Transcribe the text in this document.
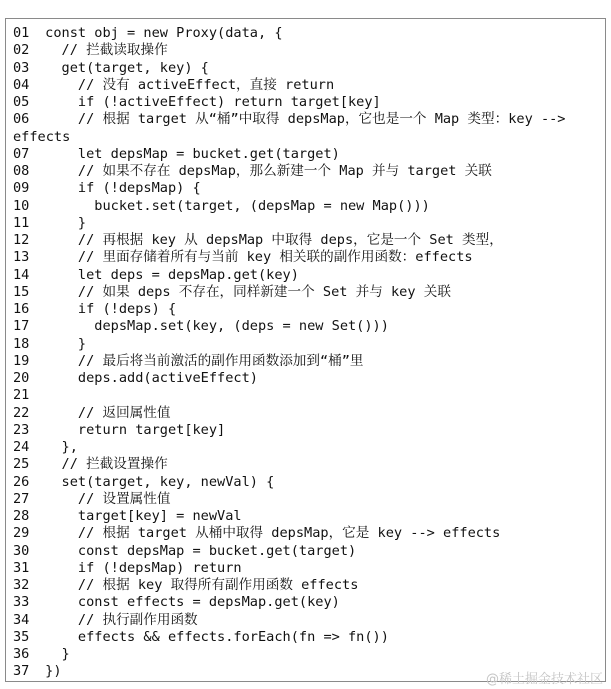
01 const obj = new Proxy(data, {
02   // 拦截读取操作
03   get(target, key) {
04     // 没有 activeEffect，直接 return
05     if (!activeEffect) return target[key]
06     // 根据 target 从“桶”中取得 depsMap，它也是一个 Map 类型：key -->
effects
07     let depsMap = bucket.get(target)
08     // 如果不存在 depsMap，那么新建一个 Map 并与 target 关联
09     if (!depsMap) {
10       bucket.set(target, (depsMap = new Map()))
11     }
12     // 再根据 key 从 depsMap 中取得 deps，它是一个 Set 类型，
13     // 里面存储着所有与当前 key 相关联的副作用函数：effects
14     let deps = depsMap.get(key)
15     // 如果 deps 不存在，同样新建一个 Set 并与 key 关联
16     if (!deps) {
17       depsMap.set(key, (deps = new Set()))
18     }
19     // 最后将当前激活的副作用函数添加到“桶”里
20     deps.add(activeEffect)
21
22     // 返回属性值
23     return target[key]
24   },
25   // 拦截设置操作
26   set(target, key, newVal) {
27     // 设置属性值
28     target[key] = newVal
29     // 根据 target 从桶中取得 depsMap，它是 key --> effects
30     const depsMap = bucket.get(target)
31     if (!depsMap) return
32     // 根据 key 取得所有副作用函数 effects
33     const effects = depsMap.get(key)
34     // 执行副作用函数
35     effects && effects.forEach(fn => fn())
36   }
37 })
@稀土掘金技术社区
